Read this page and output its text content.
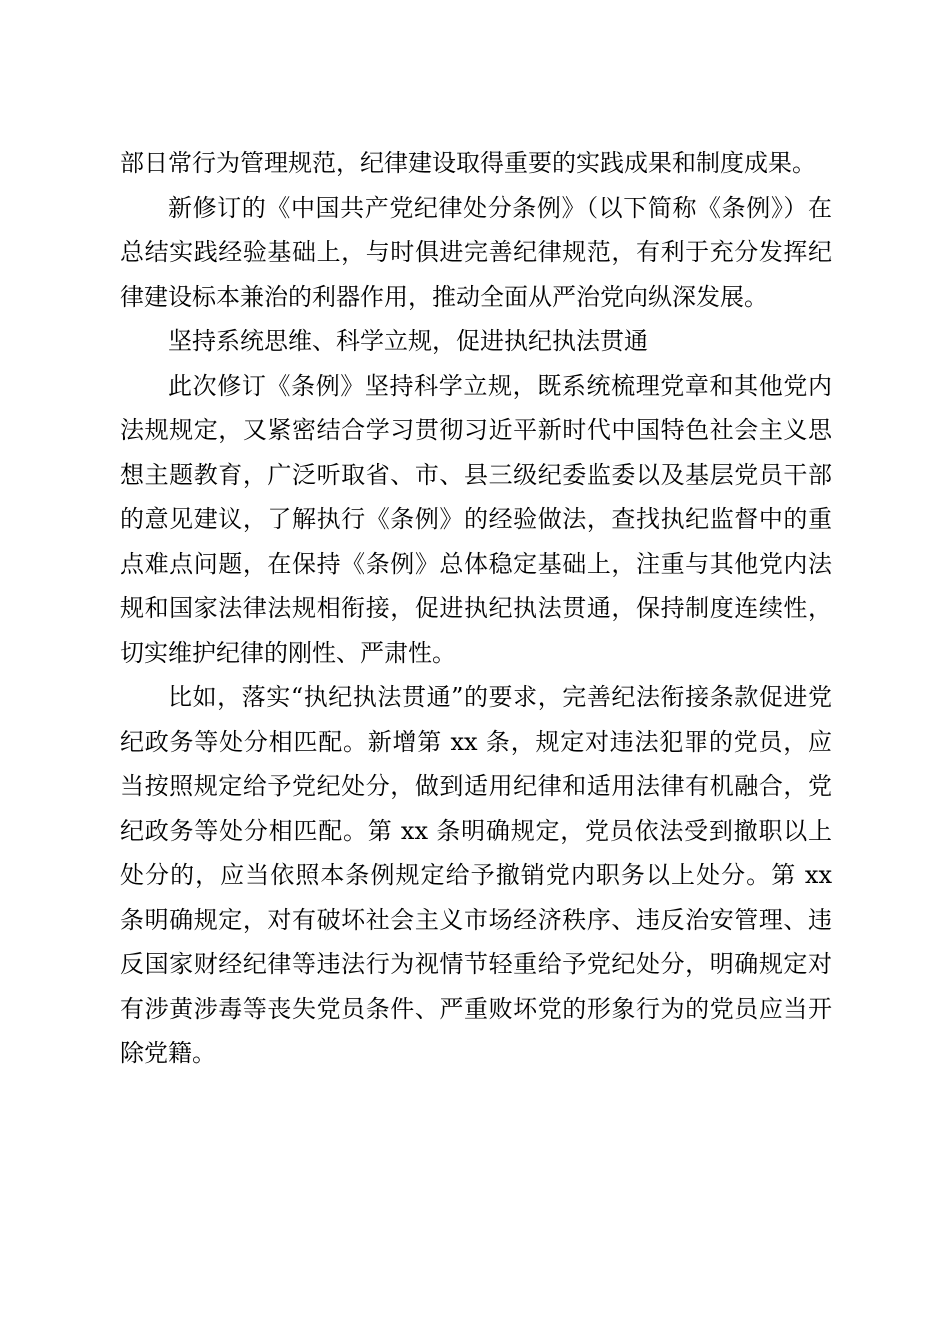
部日常行为管理规范，纪律建设取得重要的实践成果和制度成果。

新修订的《中国共产党纪律处分条例》（以下简称《条例》）在总结实践经验基础上，与时俱进完善纪律规范，有利于充分发挥纪律建设标本兼治的利器作用，推动全面从严治党向纵深发展。

坚持系统思维、科学立规，促进执纪执法贯通

此次修订《条例》坚持科学立规，既系统梳理党章和其他党内法规规定，又紧密结合学习贯彻习近平新时代中国特色社会主义思想主题教育，广泛听取省、市、县三级纪委监委以及基层党员干部的意见建议，了解执行《条例》的经验做法，查找执纪监督中的重点难点问题，在保持《条例》总体稳定基础上，注重与其他党内法规和国家法律法规相衔接，促进执纪执法贯通，保持制度连续性，切实维护纪律的刚性、严肃性。

比如，落实“执纪执法贯通”的要求，完善纪法衔接条款促进党纪政务等处分相匹配。新增第 xx 条，规定对违法犯罪的党员，应当按照规定给予党纪处分，做到适用纪律和适用法律有机融合，党纪政务等处分相匹配。第 xx 条明确规定，党员依法受到撤职以上处分的，应当依照本条例规定给予撤销党内职务以上处分。第 xx 条明确规定，对有破坏社会主义市场经济秩序、违反治安管理、违反国家财经纪律等违法行为视情节轻重给予党纪处分，明确规定对有涉黄涉毒等丧失党员条件、严重败坏党的形象行为的党员应当开除党籍。
